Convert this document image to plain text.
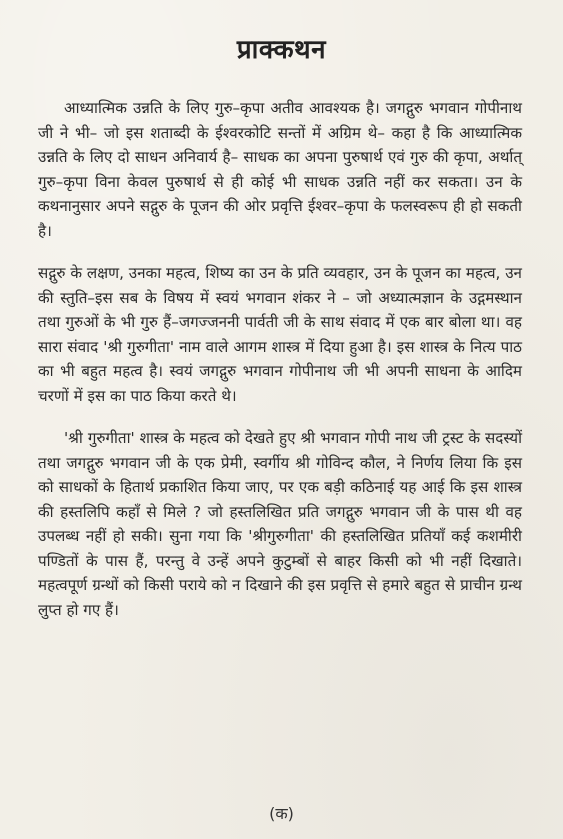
प्राक्कथन

आध्यात्मिक उन्नति के लिए गुरु–कृपा अतीव आवश्यक है। जगद्गुरु भगवान गोपीनाथ जी ने भी– जो इस शताब्दी के ईश्वरकोटि सन्तों में अग्रिम थे– कहा है कि आध्यात्मिक उन्नति के लिए दो साधन अनिवार्य है– साधक का अपना पुरुषार्थ एवं गुरु की कृपा, अर्थात् गुरु–कृपा विना केवल पुरुषार्थ से ही कोई भी साधक उन्नति नहीं कर सकता। उन के कथनानुसार अपने सद्गुरु के पूजन की ओर प्रवृत्ति ईश्वर–कृपा के फलस्वरूप ही हो सकती है।

सद्गुरु के लक्षण, उनका महत्व, शिष्य का उन के प्रति व्यवहार, उन के पूजन का महत्व, उन की स्तुति–इस सब के विषय में स्वयं भगवान शंकर ने – जो अध्यात्मज्ञान के उद्गमस्थान तथा गुरुओं के भी गुरु हैं–जगज्जननी पार्वती जी के साथ संवाद में एक बार बोला था। वह सारा संवाद 'श्री गुरुगीता' नाम वाले आगम शास्त्र में दिया हुआ है। इस शास्त्र के नित्य पाठ का भी बहुत महत्व है। स्वयं जगद्गुरु भगवान गोपीनाथ जी भी अपनी साधना के आदिम चरणों में इस का पाठ किया करते थे।

'श्री गुरुगीता' शास्त्र के महत्व को देखते हुए श्री भगवान गोपी नाथ जी ट्रस्ट के सदस्यों तथा जगद्गुरु भगवान जी के एक प्रेमी, स्वर्गीय श्री गोविन्द कौल, ने निर्णय लिया कि इस को साधकों के हितार्थ प्रकाशित किया जाए, पर एक बड़ी कठिनाई यह आई कि इस शास्त्र की हस्तलिपि कहाँ से मिले ? जो हस्तलिखित प्रति जगद्गुरु भगवान जी के पास थी वह उपलब्ध नहीं हो सकी। सुना गया कि 'श्रीगुरुगीता' की हस्तलिखित प्रतियाँ कई कशमीरी पण्डितों के पास हैं, परन्तु वे उन्हें अपने कुटुम्बों से बाहर किसी को भी नहीं दिखाते। महत्वपूर्ण ग्रन्थों को किसी पराये को न दिखाने की इस प्रवृत्ति से हमारे बहुत से प्राचीन ग्रन्थ लुप्त हो गए हैं।

(क)
